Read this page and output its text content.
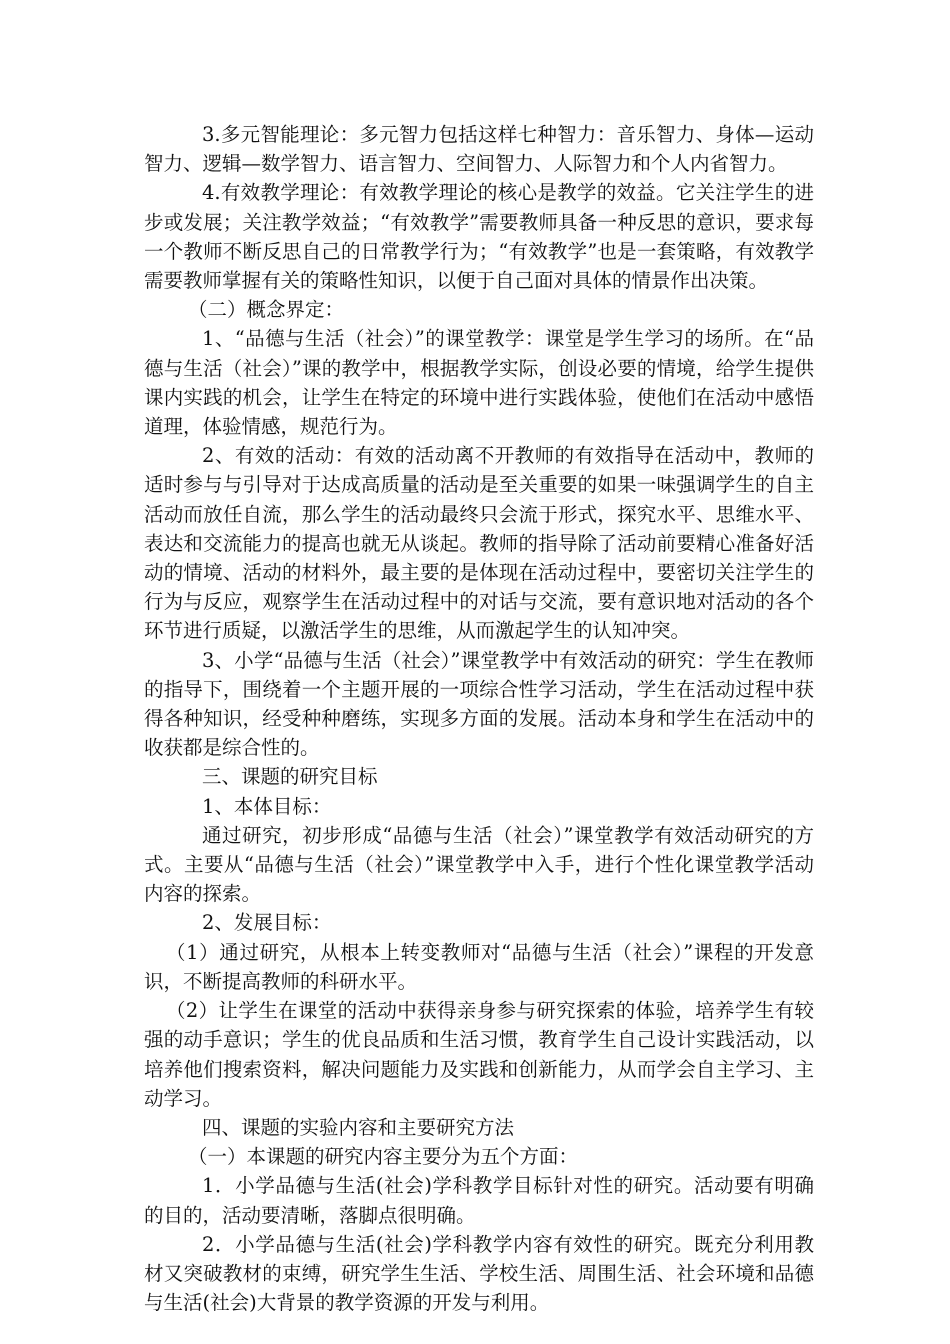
3.多元智能理论：多元智力包括这样七种智力：音乐智力、身体—运动智力、逻辑—数学智力、语言智力、空间智力、人际智力和个人内省智力。

4.有效教学理论：有效教学理论的核心是教学的效益。它关注学生的进步或发展；关注教学效益；“有效教学”需要教师具备一种反思的意识，要求每一个教师不断反思自己的日常教学行为；“有效教学”也是一套策略，有效教学需要教师掌握有关的策略性知识，以便于自己面对具体的情景作出决策。

（二）概念界定：

1、“品德与生活（社会）”的课堂教学：课堂是学生学习的场所。在“品德与生活（社会）”课的教学中，根据教学实际，创设必要的情境，给学生提供课内实践的机会，让学生在特定的环境中进行实践体验，使他们在活动中感悟道理，体验情感，规范行为。

2、有效的活动：有效的活动离不开教师的有效指导在活动中，教师的适时参与与引导对于达成高质量的活动是至关重要的如果一味强调学生的自主活动而放任自流，那么学生的活动最终只会流于形式，探究水平、思维水平、表达和交流能力的提高也就无从谈起。教师的指导除了活动前要精心准备好活动的情境、活动的材料外，最主要的是体现在活动过程中，要密切关注学生的行为与反应，观察学生在活动过程中的对话与交流，要有意识地对活动的各个环节进行质疑，以激活学生的思维，从而激起学生的认知冲突。

3、小学“品德与生活（社会）”课堂教学中有效活动的研究：学生在教师的指导下，围绕着一个主题开展的一项综合性学习活动，学生在活动过程中获得各种知识，经受种种磨练，实现多方面的发展。活动本身和学生在活动中的收获都是综合性的。

三、课题的研究目标

1、本体目标：

通过研究，初步形成“品德与生活（社会）”课堂教学有效活动研究的方式。主要从“品德与生活（社会）”课堂教学中入手，进行个性化课堂教学活动内容的探索。

2、发展目标：

（1）通过研究，从根本上转变教师对“品德与生活（社会）”课程的开发意识，不断提高教师的科研水平。

（2）让学生在课堂的活动中获得亲身参与研究探索的体验，培养学生有较强的动手意识；学生的优良品质和生活习惯，教育学生自己设计实践活动，以培养他们搜索资料，解决问题能力及实践和创新能力，从而学会自主学习、主动学习。

四、课题的实验内容和主要研究方法

（一）本课题的研究内容主要分为五个方面：

1．小学品德与生活(社会)学科教学目标针对性的研究。活动要有明确的目的，活动要清晰，落脚点很明确。

2．小学品德与生活(社会)学科教学内容有效性的研究。既充分利用教材又突破教材的束缚，研究学生生活、学校生活、周围生活、社会环境和品德与生活(社会)大背景的教学资源的开发与利用。
